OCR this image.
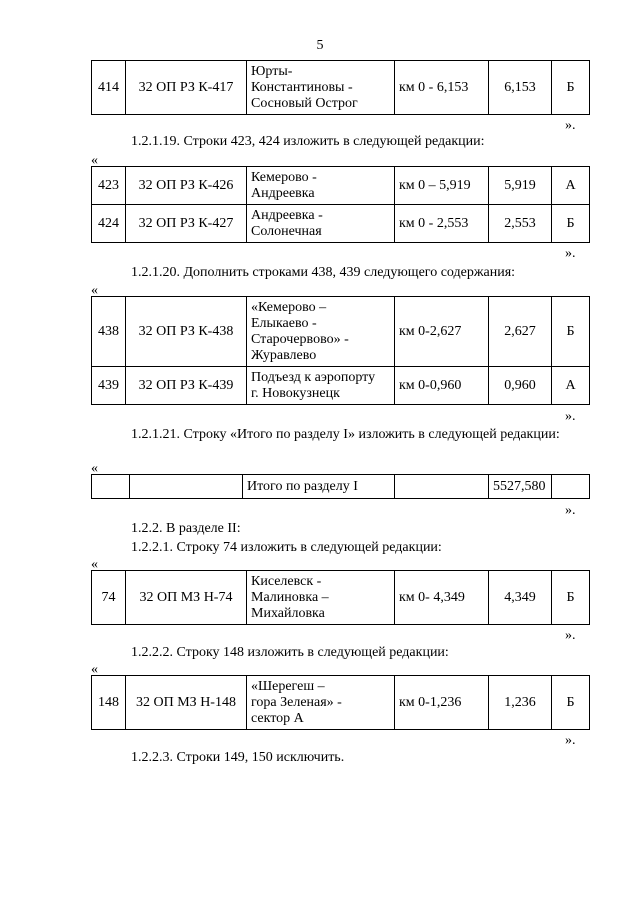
5
414	32 ОП РЗ К-417	Юрты-
Константиновы -
Сосновый Острог	км 0 - 6,153	6,153	Б
».
1.2.1.19. Строки 423, 424 изложить в следующей редакции:
«
423	32 ОП РЗ К-426	Кемерово -
Андреевка	км 0 – 5,919	5,919	А
424	32 ОП РЗ К-427	Андреевка -
Солонечная	км 0 - 2,553	2,553	Б
».
1.2.1.20. Дополнить строками 438, 439 следующего содержания:
«
438	32 ОП РЗ К-438	«Кемерово –
Елыкаево -
Старочервово» -
Журавлево	км 0-2,627	2,627	Б
439	32 ОП РЗ К-439	Подъезд к аэропорту
г. Новокузнецк	км 0-0,960	0,960	А
».
1.2.1.21. Строку «Итого по разделу I» изложить в следующей редакции:
«
		Итого по разделу I		5527,580	
».
1.2.2. В разделе II:
1.2.2.1. Строку 74 изложить в следующей редакции:
«
74	32 ОП МЗ Н-74	Киселевск -
Малиновка –
Михайловка	км 0- 4,349	4,349	Б
».
1.2.2.2. Строку 148 изложить в следующей редакции:
«
148	32 ОП МЗ Н-148	«Шерегеш –
гора Зеленая» -
сектор А	км 0-1,236	1,236	Б
».
1.2.2.3. Строки 149, 150 исключить.
